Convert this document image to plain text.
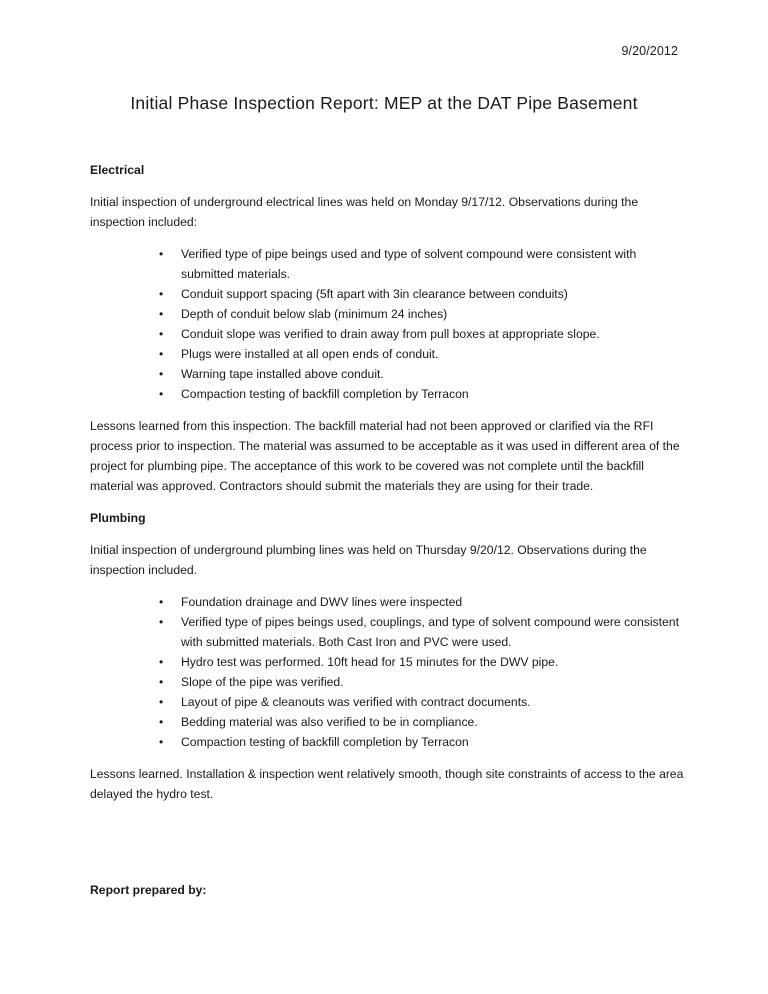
9/20/2012
Initial Phase Inspection Report: MEP at the DAT Pipe Basement
Electrical
Initial inspection of underground electrical lines was held on Monday 9/17/12. Observations during the inspection included:
• Verified type of pipe beings used and type of solvent compound were consistent with submitted materials.
• Conduit support spacing (5ft apart with 3in clearance between conduits)
• Depth of conduit below slab (minimum 24 inches)
• Conduit slope was verified to drain away from pull boxes at appropriate slope.
• Plugs were installed at all open ends of conduit.
• Warning tape installed above conduit.
• Compaction testing of backfill completion by Terracon
Lessons learned from this inspection. The backfill material had not been approved or clarified via the RFI process prior to inspection. The material was assumed to be acceptable as it was used in different area of the project for plumbing pipe. The acceptance of this work to be covered was not complete until the backfill material was approved. Contractors should submit the materials they are using for their trade.
Plumbing
Initial inspection of underground plumbing lines was held on Thursday 9/20/12. Observations during the inspection included.
• Foundation drainage and DWV lines were inspected
• Verified type of pipes beings used, couplings, and type of solvent compound were consistent with submitted materials. Both Cast Iron and PVC were used.
• Hydro test was performed. 10ft head for 15 minutes for the DWV pipe.
• Slope of the pipe was verified.
• Layout of pipe & cleanouts was verified with contract documents.
• Bedding material was also verified to be in compliance.
• Compaction testing of backfill completion by Terracon
Lessons learned. Installation & inspection went relatively smooth, though site constraints of access to the area delayed the hydro test.
Report prepared by:
